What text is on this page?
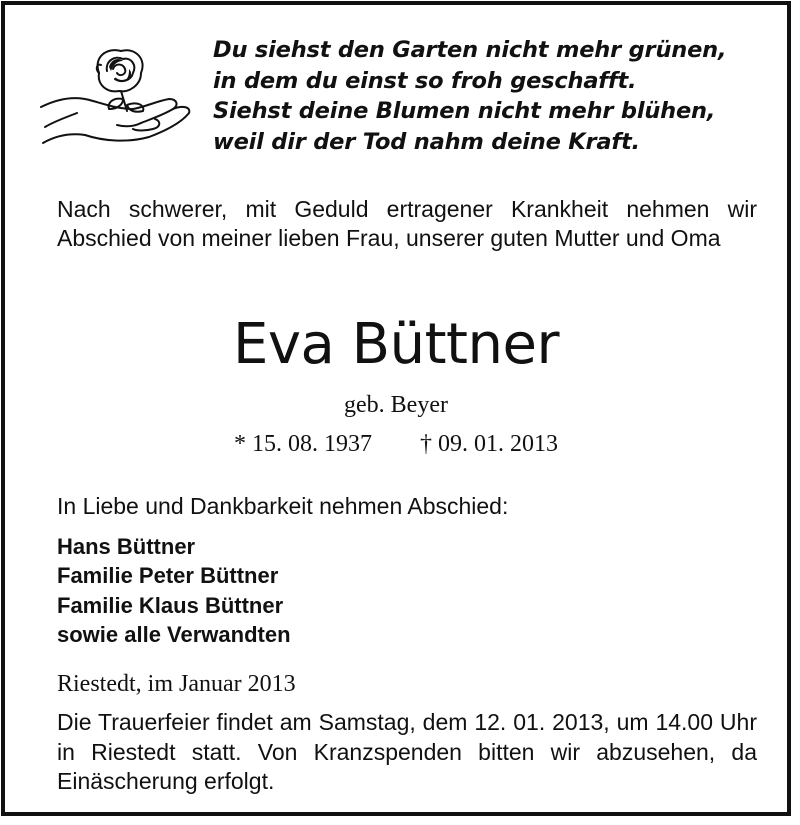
Du siehst den Garten nicht mehr grünen,
in dem du einst so froh geschafft.
Siehst deine Blumen nicht mehr blühen,
weil dir der Tod nahm deine Kraft.
Nach schwerer, mit Geduld ertragener Krankheit nehmen wir Abschied von meiner lieben Frau, unserer guten Mutter und Oma
Eva Büttner
geb. Beyer
* 15. 08. 1937 † 09. 01. 2013
In Liebe und Dankbarkeit nehmen Abschied:
Hans Büttner
Familie Peter Büttner
Familie Klaus Büttner
sowie alle Verwandten
Riestedt, im Januar 2013
Die Trauerfeier findet am Samstag, dem 12. 01. 2013, um 14.00 Uhr in Riestedt statt. Von Kranzspenden bitten wir abzusehen, da Einäscherung erfolgt.
